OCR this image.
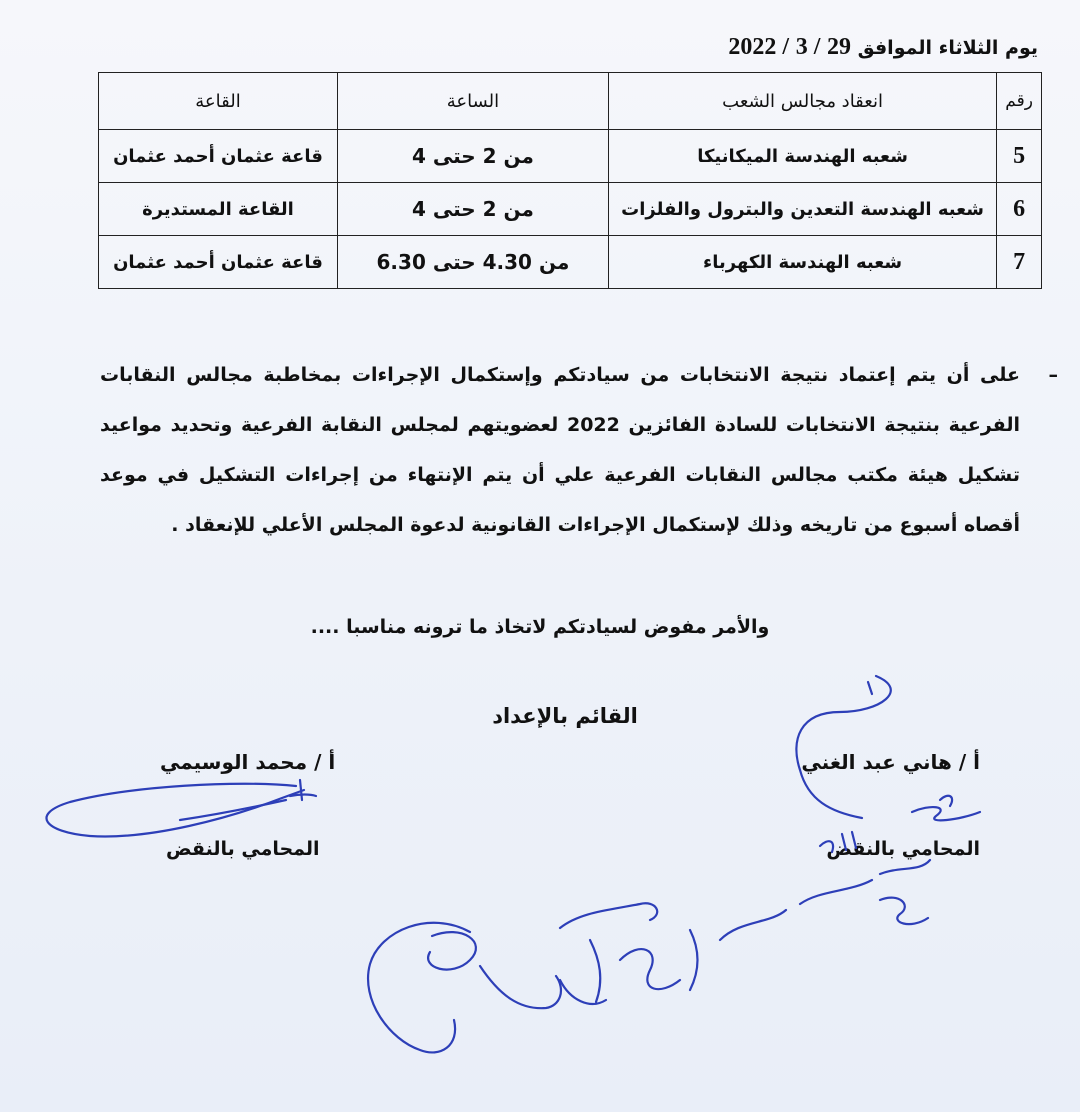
يوم الثلاثاء الموافق 29 / 3 / 2022
رقم	انعقاد مجالس الشعب	الساعة	القاعة
5	شعبه الهندسة الميكانيكا	من 2 حتى 4	قاعة عثمان أحمد عثمان
6	شعبه الهندسة التعدين والبترول والفلزات	من 2 حتى 4	القاعة المستديرة
7	شعبه الهندسة الكهرباء	من 4.30 حتى 6.30	قاعة عثمان أحمد عثمان
–
على أن يتم إعتماد نتيجة الانتخابات من سيادتكم وإستكمال الإجراءات بمخاطبة مجالس النقابات الفرعية بنتيجة الانتخابات للسادة الفائزين 2022 لعضويتهم لمجلس النقابة الفرعية وتحديد مواعيد تشكيل هيئة مكتب مجالس النقابات الفرعية علي أن يتم الإنتهاء من إجراءات التشكيل في موعد أقصاه أسبوع من تاريخه وذلك لإستكمال الإجراءات القانونية لدعوة المجلس الأعلي للإنعقاد .
والأمر مفوض لسيادتكم لاتخاذ ما ترونه مناسبا ....
القائم بالإعداد
أ / هاني عبد الغني
المحامي بالنقض
أ / محمد الوسيمي
المحامي بالنقض
